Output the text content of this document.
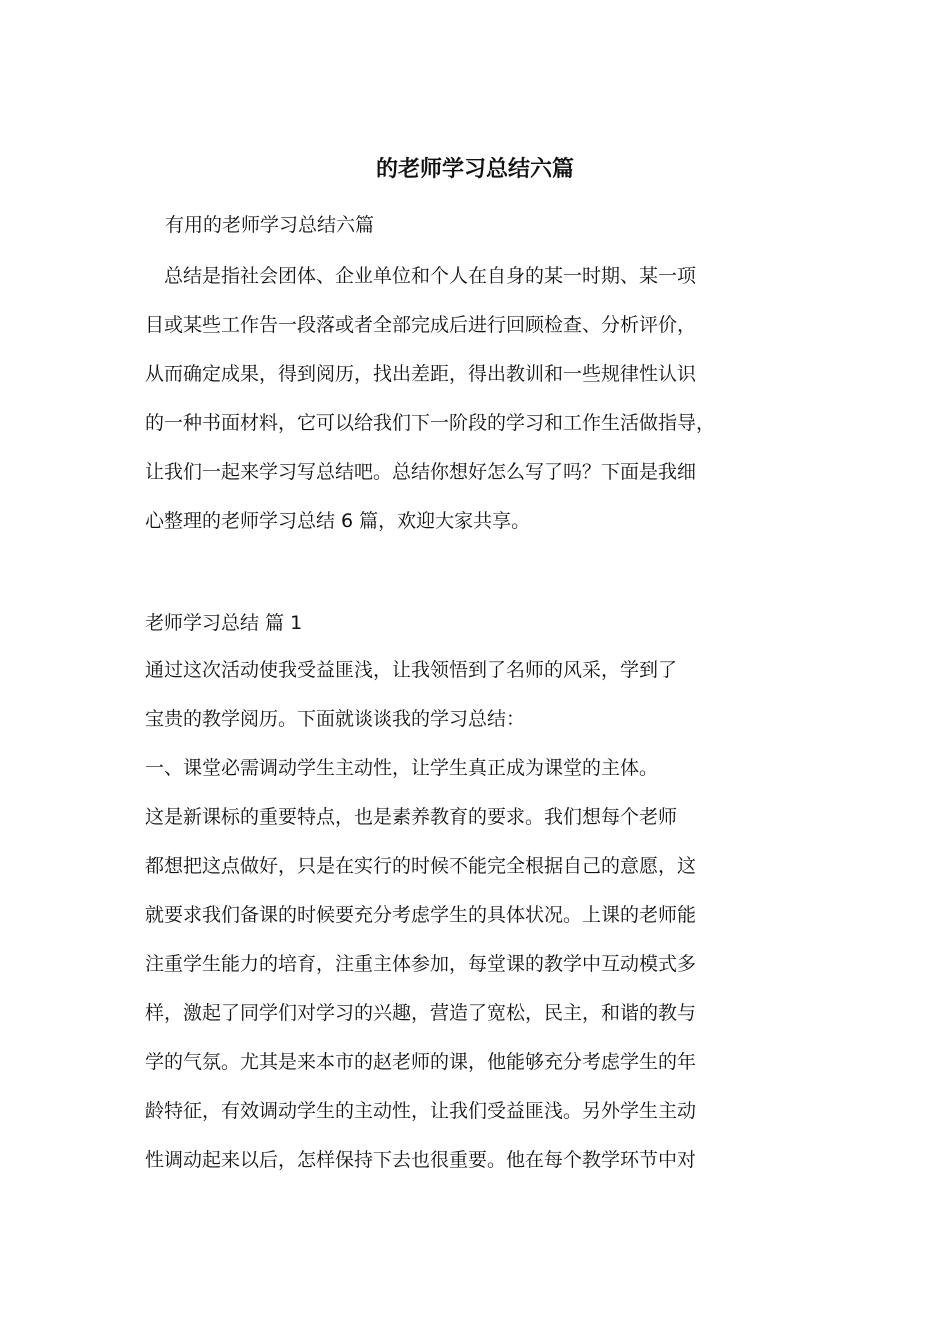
的老师学习总结六篇

有用的老师学习总结六篇

　总结是指社会团体、企业单位和个人在自身的某一时期、某一项
目或某些工作告一段落或者全部完成后进行回顾检查、分析评价，
从而确定成果，得到阅历，找出差距，得出教训和一些规律性认识
的一种书面材料，它可以给我们下一阶段的学习和工作生活做指导，
让我们一起来学习写总结吧。总结你想好怎么写了吗？下面是我细
心整理的老师学习总结 6 篇，欢迎大家共享。

老师学习总结 篇 1

通过这次活动使我受益匪浅，让我领悟到了名师的风采，学到了
宝贵的教学阅历。下面就谈谈我的学习总结：
一、课堂必需调动学生主动性，让学生真正成为课堂的主体。
这是新课标的重要特点，也是素养教育的要求。我们想每个老师
都想把这点做好，只是在实行的时候不能完全根据自己的意愿，这
就要求我们备课的时候要充分考虑学生的具体状况。上课的老师能
注重学生能力的培育，注重主体参加，每堂课的教学中互动模式多
样，激起了同学们对学习的兴趣，营造了宽松，民主，和谐的教与
学的气氛。尤其是来本市的赵老师的课，他能够充分考虑学生的年
龄特征，有效调动学生的主动性，让我们受益匪浅。另外学生主动
性调动起来以后，怎样保持下去也很重要。他在每个教学环节中对
